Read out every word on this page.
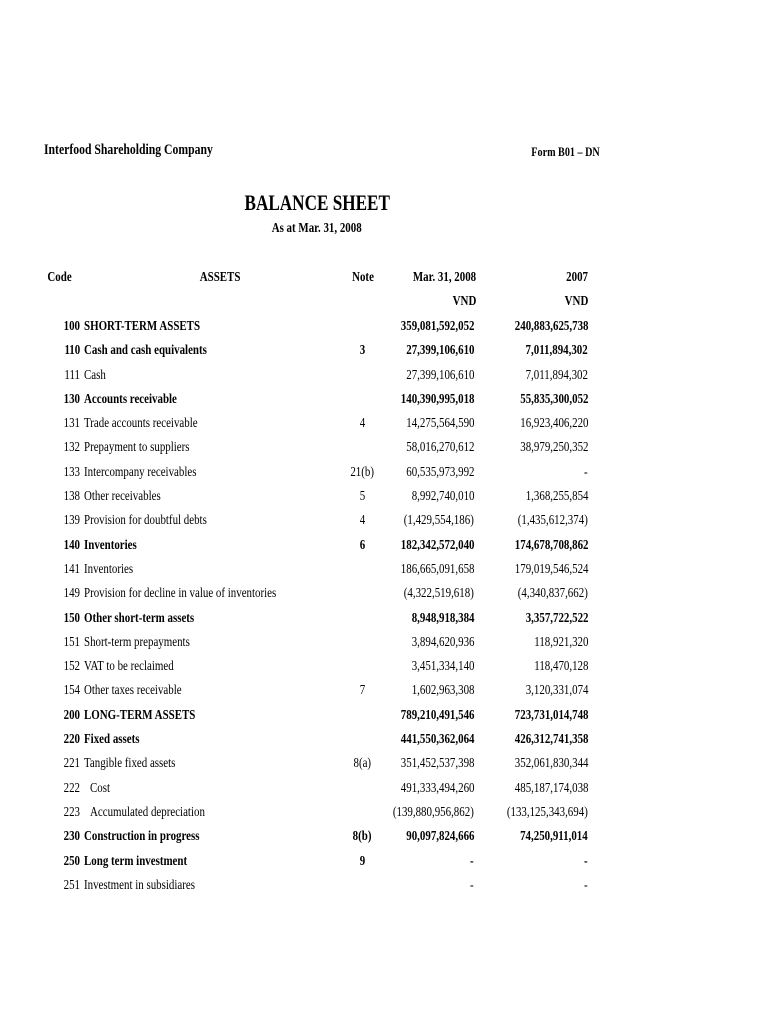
Interfood Shareholding Company	Form B01 – DN
BALANCE SHEET
As at Mar. 31, 2008
Code	ASSETS	Note	Mar. 31, 2008	2007
VND	VND
100 SHORT-TERM ASSETS	359,081,592,052	240,883,625,738
110 Cash and cash equivalents	3	27,399,106,610	7,011,894,302
111 Cash	27,399,106,610	7,011,894,302
130 Accounts receivable	140,390,995,018	55,835,300,052
131 Trade accounts receivable	4	14,275,564,590	16,923,406,220
132 Prepayment to suppliers	58,016,270,612	38,979,250,352
133 Intercompany receivables	21(b)	60,535,973,992	-
138 Other receivables	5	8,992,740,010	1,368,255,854
139 Provision for doubtful debts	4	(1,429,554,186)	(1,435,612,374)
140 Inventories	6	182,342,572,040	174,678,708,862
141 Inventories	186,665,091,658	179,019,546,524
149 Provision for decline in value of inventories	(4,322,519,618)	(4,340,837,662)
150 Other short-term assets	8,948,918,384	3,357,722,522
151 Short-term prepayments	3,894,620,936	118,921,320
152 VAT to be reclaimed	3,451,334,140	118,470,128
154 Other taxes receivable	7	1,602,963,308	3,120,331,074
200 LONG-TERM ASSETS	789,210,491,546	723,731,014,748
220 Fixed assets	441,550,362,064	426,312,741,358
221 Tangible fixed assets	8(a)	351,452,537,398	352,061,830,344
222 Cost	491,333,494,260	485,187,174,038
223 Accumulated depreciation	(139,880,956,862)	(133,125,343,694)
230 Construction in progress	8(b)	90,097,824,666	74,250,911,014
250 Long term investment	9	-	-
251 Investment in subsidiares	-	-
